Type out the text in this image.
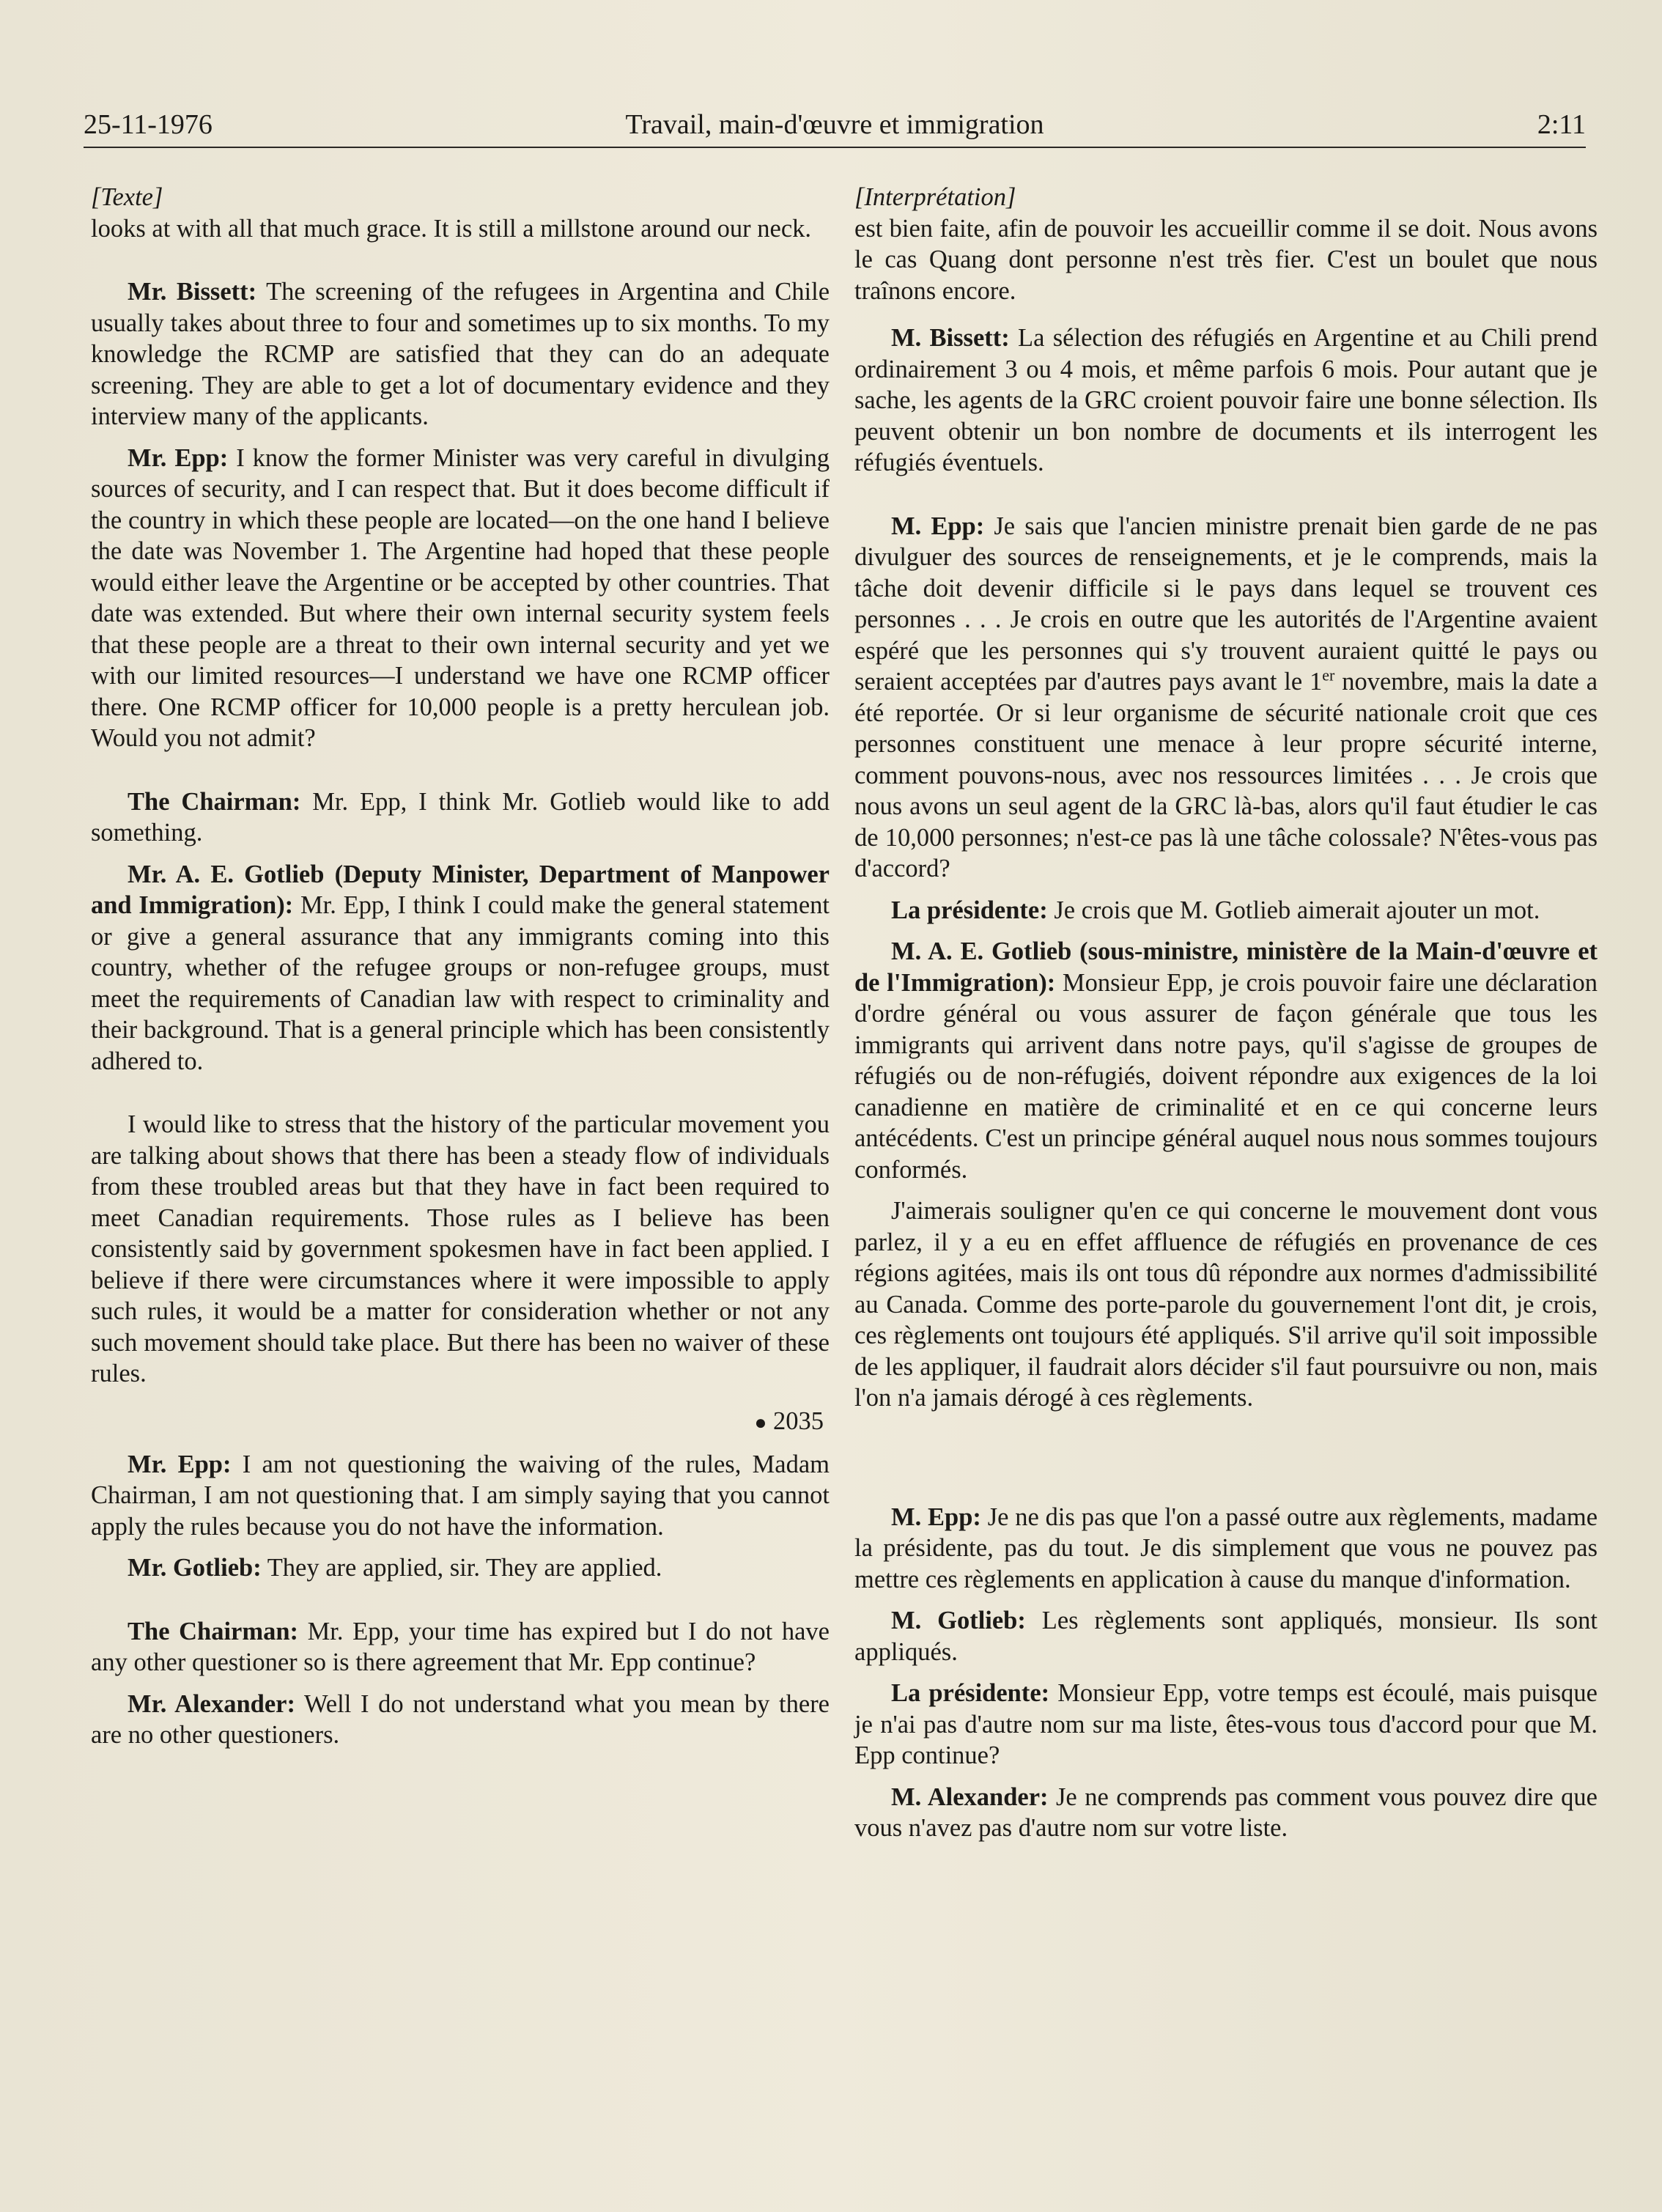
25-11-1976	Travail, main-d'œuvre et immigration	2:11

[Texte]

looks at with all that much grace. It is still a millstone around our neck.

Mr. Bissett: The screening of the refugees in Argentina and Chile usually takes about three to four and sometimes up to six months. To my knowledge the RCMP are satisfied that they can do an adequate screening. They are able to get a lot of documentary evidence and they interview many of the applicants.

Mr. Epp: I know the former Minister was very careful in divulging sources of security, and I can respect that. But it does become difficult if the country in which these people are located—on the one hand I believe the date was November 1. The Argentine had hoped that these people would either leave the Argentine or be accepted by other countries. That date was extended. But where their own internal security system feels that these people are a threat to their own internal security and yet we with our limited resources—I understand we have one RCMP officer there. One RCMP officer for 10,000 people is a pretty herculean job. Would you not admit?

The Chairman: Mr. Epp, I think Mr. Gotlieb would like to add something.

Mr. A. E. Gotlieb (Deputy Minister, Department of Manpower and Immigration): Mr. Epp, I think I could make the general statement or give a general assurance that any immigrants coming into this country, whether of the refugee groups or non-refugee groups, must meet the requirements of Canadian law with respect to criminality and their background. That is a general principle which has been consistently adhered to.

I would like to stress that the history of the particular movement you are talking about shows that there has been a steady flow of individuals from these troubled areas but that they have in fact been required to meet Canadian requirements. Those rules as I believe has been consistently said by government spokesmen have in fact been applied. I believe if there were circumstances where it were impossible to apply such rules, it would be a matter for consideration whether or not any such movement should take place. But there has been no waiver of these rules.

● 2035

Mr. Epp: I am not questioning the waiving of the rules, Madam Chairman, I am not questioning that. I am simply saying that you cannot apply the rules because you do not have the information.

Mr. Gotlieb: They are applied, sir. They are applied.

The Chairman: Mr. Epp, your time has expired but I do not have any other questioner so is there agreement that Mr. Epp continue?

Mr. Alexander: Well I do not understand what you mean by there are no other questioners.

[Interprétation]

est bien faite, afin de pouvoir les accueillir comme il se doit. Nous avons le cas Quang dont personne n'est très fier. C'est un boulet que nous traînons encore.

M. Bissett: La sélection des réfugiés en Argentine et au Chili prend ordinairement 3 ou 4 mois, et même parfois 6 mois. Pour autant que je sache, les agents de la GRC croient pouvoir faire une bonne sélection. Ils peuvent obtenir un bon nombre de documents et ils interrogent les réfugiés éventuels.

M. Epp: Je sais que l'ancien ministre prenait bien garde de ne pas divulguer des sources de renseignements, et je le comprends, mais la tâche doit devenir difficile si le pays dans lequel se trouvent ces personnes . . . Je crois en outre que les autorités de l'Argentine avaient espéré que les personnes qui s'y trouvent auraient quitté le pays ou seraient acceptées par d'autres pays avant le 1er novembre, mais la date a été reportée. Or si leur organisme de sécurité nationale croit que ces personnes constituent une menace à leur propre sécurité interne, comment pouvons-nous, avec nos ressources limitées . . . Je crois que nous avons un seul agent de la GRC là-bas, alors qu'il faut étudier le cas de 10,000 personnes; n'est-ce pas là une tâche colossale? N'êtes-vous pas d'accord?

La présidente: Je crois que M. Gotlieb aimerait ajouter un mot.

M. A. E. Gotlieb (sous-ministre, ministère de la Main-d'œuvre et de l'Immigration): Monsieur Epp, je crois pouvoir faire une déclaration d'ordre général ou vous assurer de façon générale que tous les immigrants qui arrivent dans notre pays, qu'il s'agisse de groupes de réfugiés ou de non-réfugiés, doivent répondre aux exigences de la loi canadienne en matière de criminalité et en ce qui concerne leurs antécédents. C'est un principe général auquel nous nous sommes toujours conformés.

J'aimerais souligner qu'en ce qui concerne le mouvement dont vous parlez, il y a eu en effet affluence de réfugiés en provenance de ces régions agitées, mais ils ont tous dû répondre aux normes d'admissibilité au Canada. Comme des porte-parole du gouvernement l'ont dit, je crois, ces règlements ont toujours été appliqués. S'il arrive qu'il soit impossible de les appliquer, il faudrait alors décider s'il faut poursuivre ou non, mais l'on n'a jamais dérogé à ces règlements.

M. Epp: Je ne dis pas que l'on a passé outre aux règlements, madame la présidente, pas du tout. Je dis simplement que vous ne pouvez pas mettre ces règlements en application à cause du manque d'information.

M. Gotlieb: Les règlements sont appliqués, monsieur. Ils sont appliqués.

La présidente: Monsieur Epp, votre temps est écoulé, mais puisque je n'ai pas d'autre nom sur ma liste, êtes-vous tous d'accord pour que M. Epp continue?

M. Alexander: Je ne comprends pas comment vous pouvez dire que vous n'avez pas d'autre nom sur votre liste.
